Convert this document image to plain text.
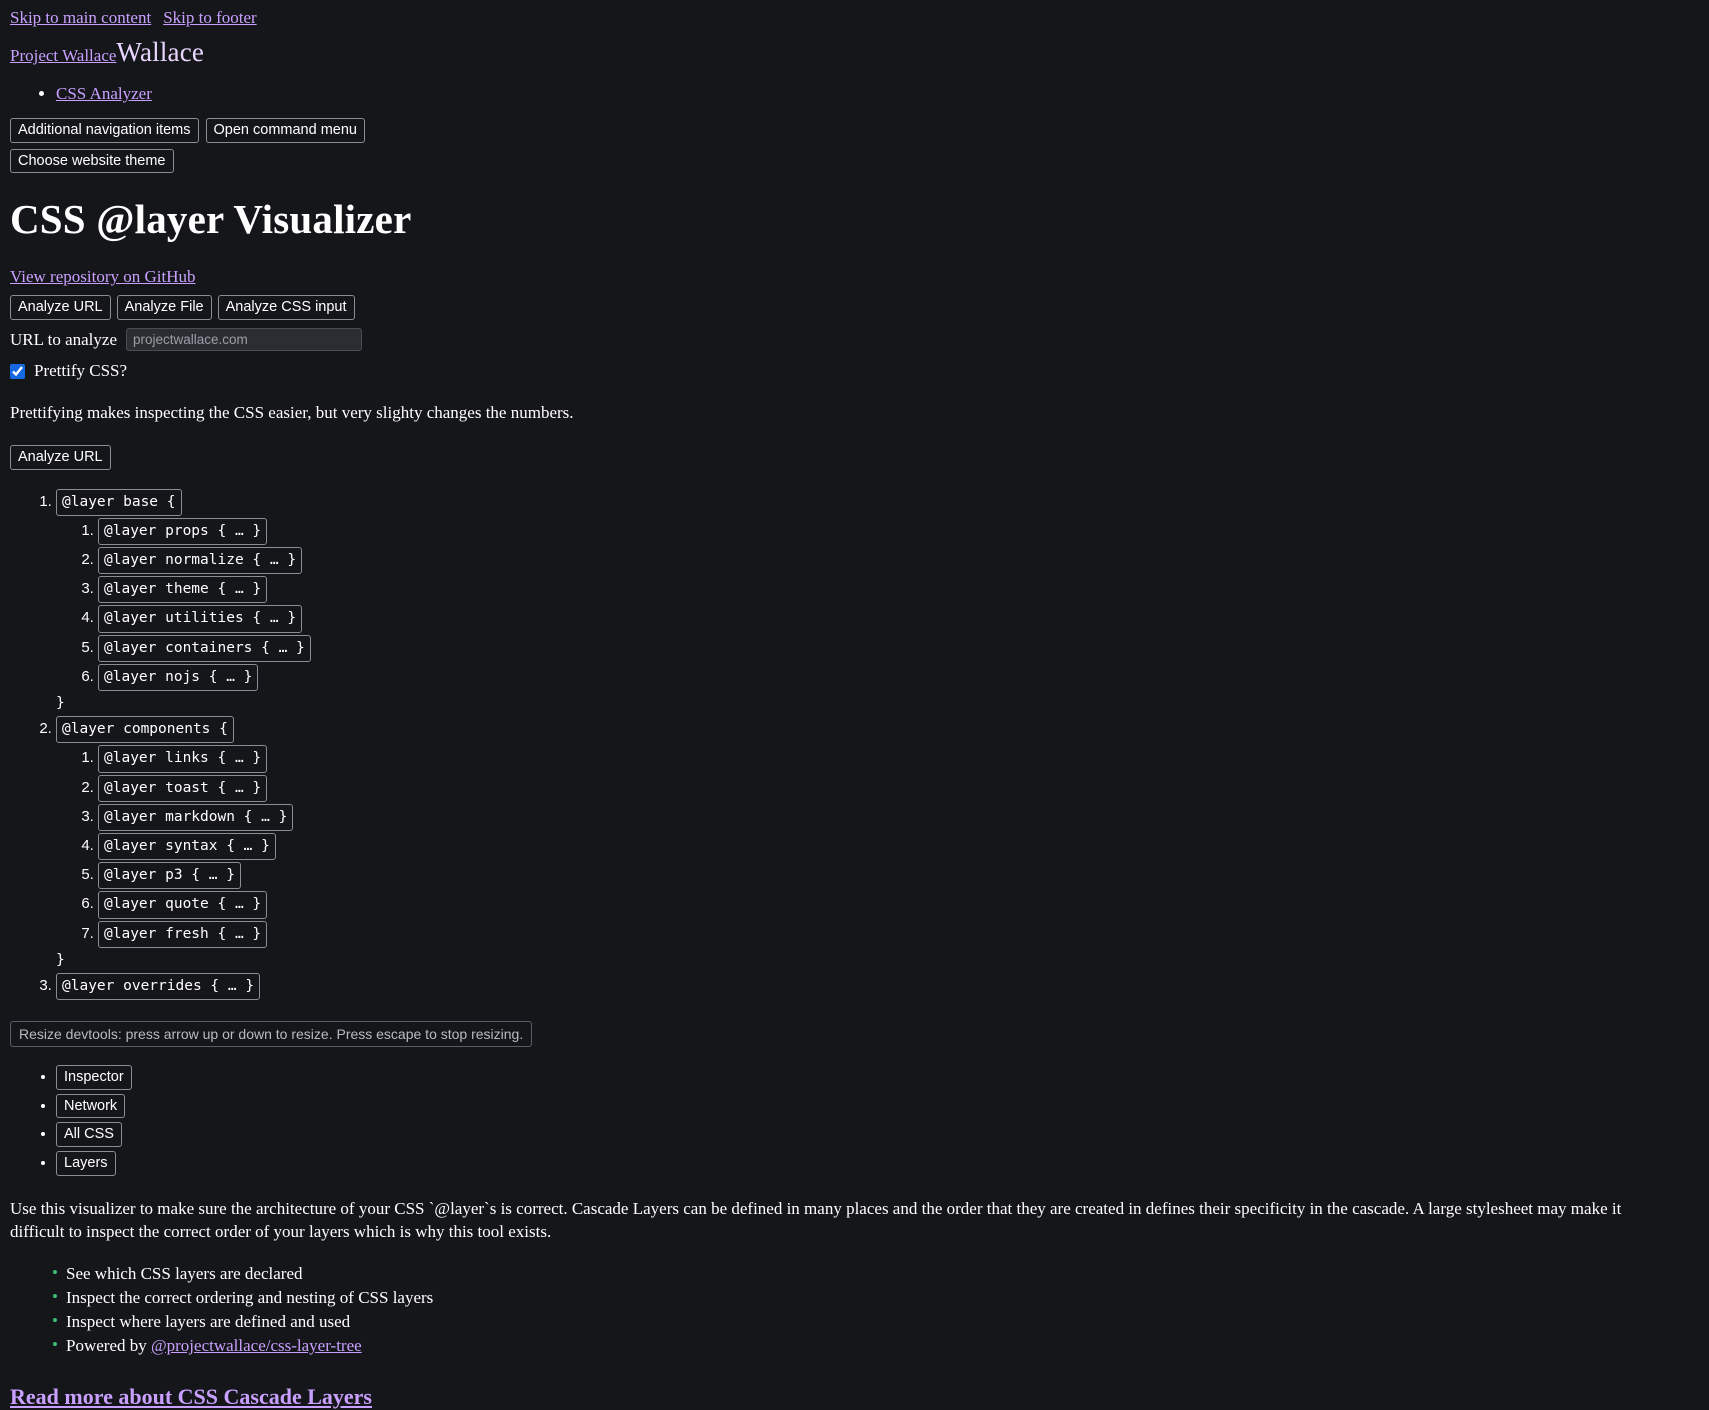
Skip to main content Skip to footer
Project Wallace Wallace
• CSS Analyzer
Additional navigation items	Open command menu
Choose website theme
CSS @layer Visualizer
View repository on GitHub
Analyze URL	Analyze File	Analyze CSS input
URL to analyze
projectwallace.com
Prettify CSS?

Prettifying makes inspecting the CSS easier, but very slighty changes the numbers.

Analyze URL
1. @layer base {
1. @layer props { … }
2. @layer normalize { … }
3. @layer theme { … }
4. @layer utilities { … }
5. @layer containers { … }
6. @layer nojs { … }
}
2. @layer components {
1. @layer links { … }
2. @layer toast { … }
3. @layer markdown { … }
4. @layer syntax { … }
5. @layer p3 { … }
6. @layer quote { … }
7. @layer fresh { … }
}
3. @layer overrides { … }
Resize devtools: press arrow up or down to resize. Press escape to stop resizing.
• Inspector
• Network
• All CSS
• Layers

Use this visualizer to make sure the architecture of your CSS `@layer`s is correct. Cascade Layers can be defined in many places and the order that they are created in defines their specificity in the cascade. A large stylesheet may make it difficult to inspect the correct order of your layers which is why this tool exists.

• See which CSS layers are declared
• Inspect the correct ordering and nesting of CSS layers
• Inspect where layers are defined and used
• Powered by @projectwallace/css-layer-tree
Read more about CSS Cascade Layers
